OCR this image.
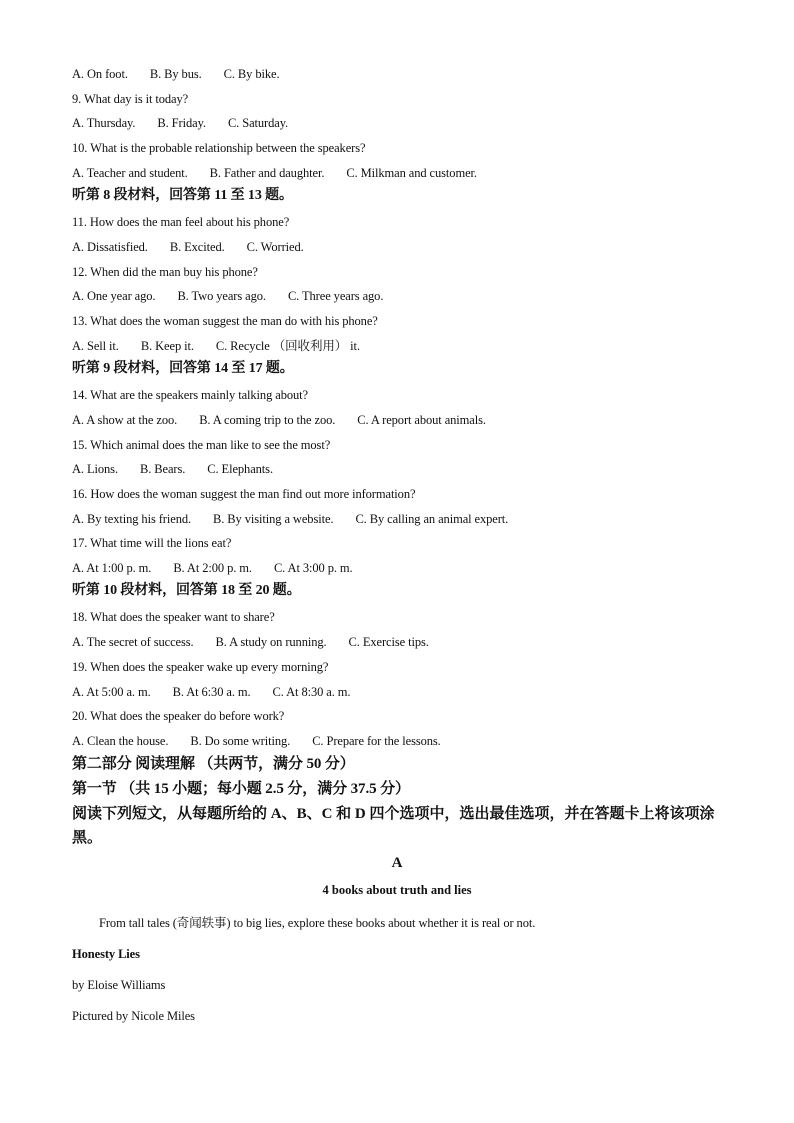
A. On foot. B. By bus. C. By bike.
9. What day is it today?
A. Thursday. B. Friday. C. Saturday.
10. What is the probable relationship between the speakers?
A. Teacher and student. B. Father and daughter. C. Milkman and customer.
听第 8 段材料，回答第 11 至 13 题。
11. How does the man feel about his phone?
A. Dissatisfied. B. Excited. C. Worried.
12. When did the man buy his phone?
A. One year ago. B. Two years ago. C. Three years ago.
13. What does the woman suggest the man do with his phone?
A. Sell it. B. Keep it. C. Recycle （回收利用） it.
听第 9 段材料，回答第 14 至 17 题。
14. What are the speakers mainly talking about?
A. A show at the zoo. B. A coming trip to the zoo. C. A report about animals.
15. Which animal does the man like to see the most?
A. Lions. B. Bears. C. Elephants.
16. How does the woman suggest the man find out more information?
A. By texting his friend. B. By visiting a website. C. By calling an animal expert.
17. What time will the lions eat?
A. At 1:00 p. m. B. At 2:00 p. m. C. At 3:00 p. m.
听第 10 段材料，回答第 18 至 20 题。
18. What does the speaker want to share?
A. The secret of success. B. A study on running. C. Exercise tips.
19. When does the speaker wake up every morning?
A. At 5:00 a. m. B. At 6:30 a. m. C. At 8:30 a. m.
20. What does the speaker do before work?
A. Clean the house. B. Do some writing. C. Prepare for the lessons.
第二部分 阅读理解 （共两节，满分 50 分）
第一节 （共 15 小题；每小题 2.5 分，满分 37.5 分）
阅读下列短文，从每题所给的 A、B、C 和 D 四个选项中，选出最佳选项，并在答题卡上将该项涂黑。
A
4 books about truth and lies
From tall tales (奇闻轶事) to big lies, explore these books about whether it is real or not.
Honesty Lies
by Eloise Williams
Pictured by Nicole Miles
